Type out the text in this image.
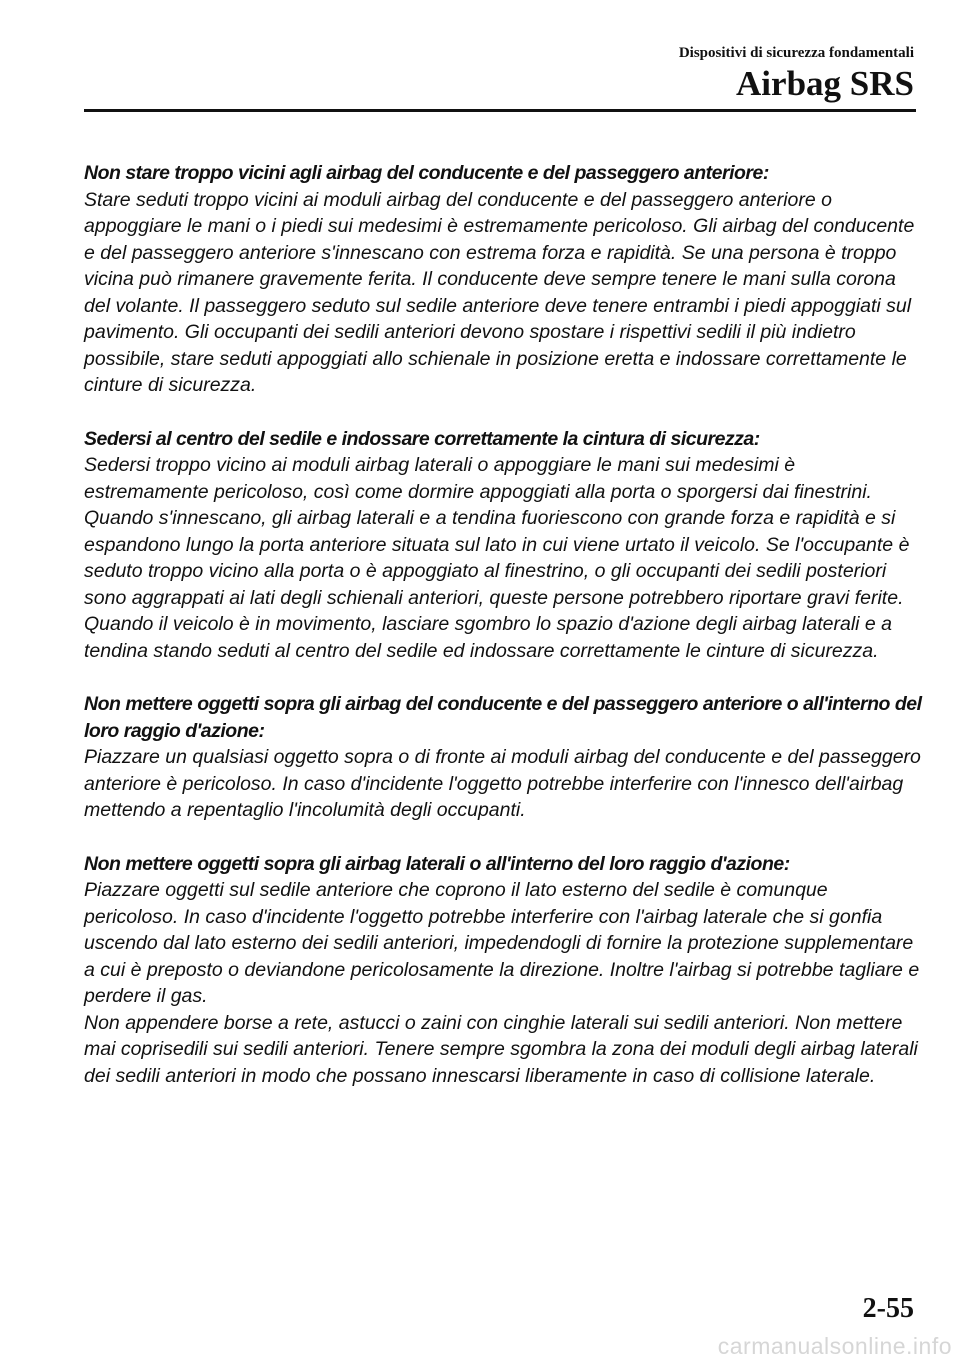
Dispositivi di sicurezza fondamentali
Airbag SRS
Non stare troppo vicini agli airbag del conducente e del passeggero anteriore:

Stare seduti troppo vicini ai moduli airbag del conducente e del passeggero anteriore o appoggiare le mani o i piedi sui medesimi è estremamente pericoloso. Gli airbag del conducente e del passeggero anteriore s'innescano con estrema forza e rapidità. Se una persona è troppo vicina può rimanere gravemente ferita. Il conducente deve sempre tenere le mani sulla corona del volante. Il passeggero seduto sul sedile anteriore deve tenere entrambi i piedi appoggiati sul pavimento. Gli occupanti dei sedili anteriori devono spostare i rispettivi sedili il più indietro possibile, stare seduti appoggiati allo schienale in posizione eretta e indossare correttamente le cinture di sicurezza.

Sedersi al centro del sedile e indossare correttamente la cintura di sicurezza:

Sedersi troppo vicino ai moduli airbag laterali o appoggiare le mani sui medesimi è estremamente pericoloso, così come dormire appoggiati alla porta o sporgersi dai finestrini. Quando s'innescano, gli airbag laterali e a tendina fuoriescono con grande forza e rapidità e si espandono lungo la porta anteriore situata sul lato in cui viene urtato il veicolo. Se l'occupante è seduto troppo vicino alla porta o è appoggiato al finestrino, o gli occupanti dei sedili posteriori sono aggrappati ai lati degli schienali anteriori, queste persone potrebbero riportare gravi ferite. Quando il veicolo è in movimento, lasciare sgombro lo spazio d'azione degli airbag laterali e a tendina stando seduti al centro del sedile ed indossare correttamente le cinture di sicurezza.

Non mettere oggetti sopra gli airbag del conducente e del passeggero anteriore o all'interno del loro raggio d'azione:

Piazzare un qualsiasi oggetto sopra o di fronte ai moduli airbag del conducente e del passeggero anteriore è pericoloso. In caso d'incidente l'oggetto potrebbe interferire con l'innesco dell'airbag mettendo a repentaglio l'incolumità degli occupanti.

Non mettere oggetti sopra gli airbag laterali o all'interno del loro raggio d'azione:

Piazzare oggetti sul sedile anteriore che coprono il lato esterno del sedile è comunque pericoloso. In caso d'incidente l'oggetto potrebbe interferire con l'airbag laterale che si gonfia uscendo dal lato esterno dei sedili anteriori, impedendogli di fornire la protezione supplementare a cui è preposto o deviandone pericolosamente la direzione. Inoltre l'airbag si potrebbe tagliare e perdere il gas.

Non appendere borse a rete, astucci o zaini con cinghie laterali sui sedili anteriori. Non mettere mai coprisedili sui sedili anteriori. Tenere sempre sgombra la zona dei moduli degli airbag laterali dei sedili anteriori in modo che possano innescarsi liberamente in caso di collisione laterale.

2-55
carmanualsonline.info
